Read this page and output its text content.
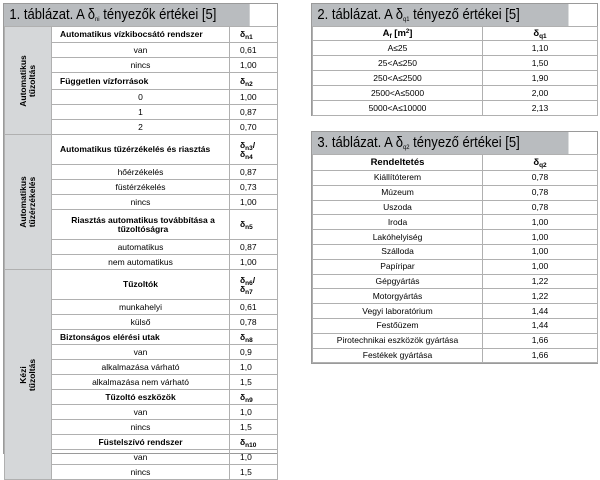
1. táblázat. A $\delta_{ni}$ tényezők értékei [5]
Automatikus
tűzoltás	Automatikus vízkibocsátó rendszer	$\delta_{n1}$
	van	0,61
	nincs	1,00
	Független vízforrások	$\delta_{n2}$
	0	1,00
	1	0,87
	2	0,70

Automatikus
tűzérzékelés	Automatikus tűzérzékelés és riasztás	$\delta_{n3}/$
$\delta_{n4}$
	hőérzékelés	0,87
	füstérzékelés	0,73
	nincs	1,00
	Riasztás automatikus továbbítása a tűzoltóságra	$\delta_{n5}$
	automatikus	0,87
	nem automatikus	1,00

Kézi
tűzoltás	Tűzoltók	$\delta_{n6}/$
$\delta_{n7}$
	munkahelyi	0,61
	külső	0,78
	Biztonságos elérési utak	$\delta_{n8}$
	van	0,9
	alkalmazása várható	1,0
	alkalmazása nem várható	1,5
	Tűzoltó eszközök	$\delta_{n9}$
	van	1,0
	nincs	1,5
	Füstelszívó rendszer	$\delta_{n10}$
	van	1,0
	nincs	1,5
2. táblázat. A $\delta_{q1}$ tényező értékei [5]
$A_f$ $[m^2]$	$\delta_{q1}$
A≤25	1,10
25<A≤250	1,50
250<A≤2500	1,90
2500<A≤5000	2,00
5000<A≤10000	2,13
3. táblázat. A $\delta_{q2}$ tényező értékei [5]
Rendeltetés	$\delta_{q2}$
Kiállítóterem	0,78
Múzeum	0,78
Uszoda	0,78
Iroda	1,00
Lakóhelyiség	1,00
Szálloda	1,00
Papíripar	1,00
Gépgyártás	1,22
Motorgyártás	1,22
Vegyi laboratórium	1,44
Festőüzem	1,44
Pirotechnikai eszközök gyártása	1,66
Festékek gyártása	1,66
